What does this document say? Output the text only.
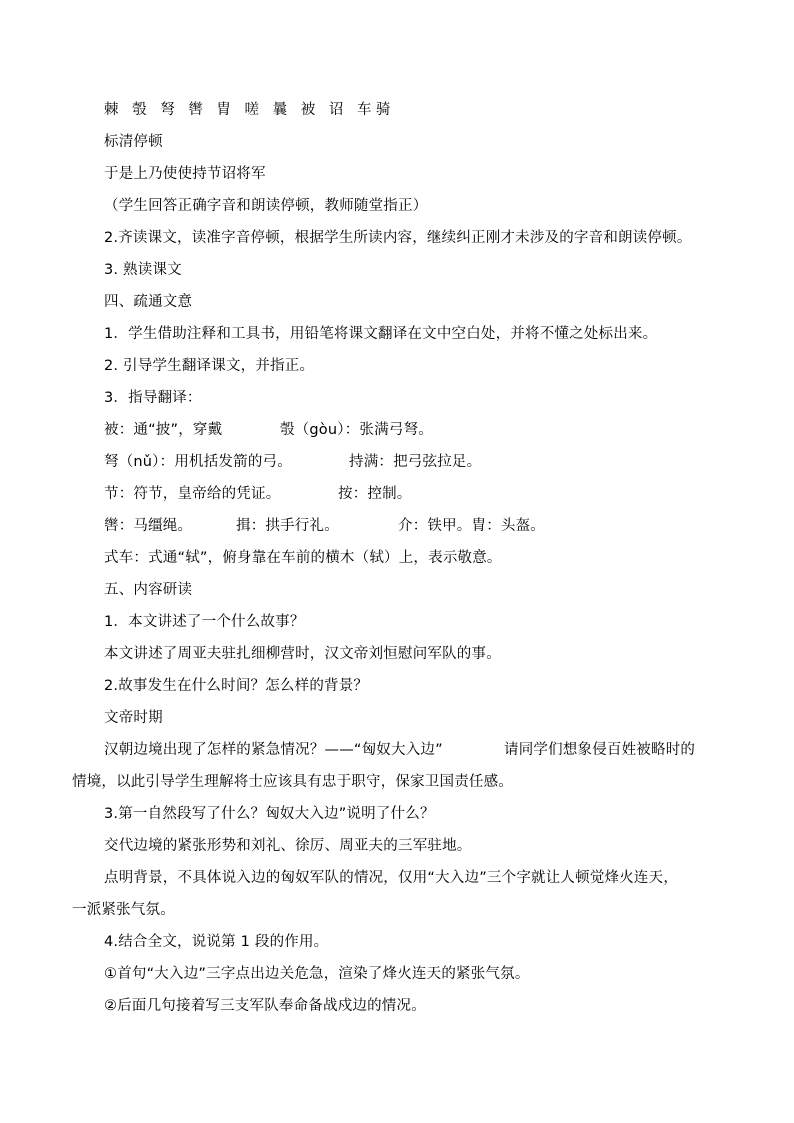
棘 彀 弩 辔 胄 嗟 曩 被 诏 车骑
标清停顿
于是上乃使使持节诏将军
（学生回答正确字音和朗读停顿，教师随堂指正）
2.齐读课文，读准字音停顿，根据学生所读内容，继续纠正刚才未涉及的字音和朗读停顿。
3. 熟读课文
四、疏通文意
1．学生借助注释和工具书，用铅笔将课文翻译在文中空白处，并将不懂之处标出来。
2. 引导学生翻译课文，并指正。
3．指导翻译：
被：通“披”，穿戴	彀（gòu）：张满弓弩。
弩（nǔ）：用机括发箭的弓。	持满：把弓弦拉足。
节：符节，皇帝给的凭证。	按：控制。
辔：马缰绳。	揖：拱手行礼。	介：铁甲。胄：头盔。
式车：式通“轼”，俯身靠在车前的横木（轼）上，表示敬意。
五、内容研读
1．本文讲述了一个什么故事？
本文讲述了周亚夫驻扎细柳营时，汉文帝刘恒慰问军队的事。
2.故事发生在什么时间？怎么样的背景？
文帝时期
汉朝边境出现了怎样的紧急情况？——“匈奴大入边”	请同学们想象侵百姓被略时的
情境，以此引导学生理解将士应该具有忠于职守，保家卫国责任感。
3.第一自然段写了什么？匈奴大入边”说明了什么？
交代边境的紧张形势和刘礼、徐厉、周亚夫的三军驻地。
点明背景，不具体说入边的匈奴军队的情况，仅用“大入边”三个字就让人顿觉烽火连天，
一派紧张气氛。
4.结合全文，说说第 1 段的作用。
①首句“大入边”三字点出边关危急，渲染了烽火连天的紧张气氛。
②后面几句接着写三支军队奉命备战戍边的情况。
